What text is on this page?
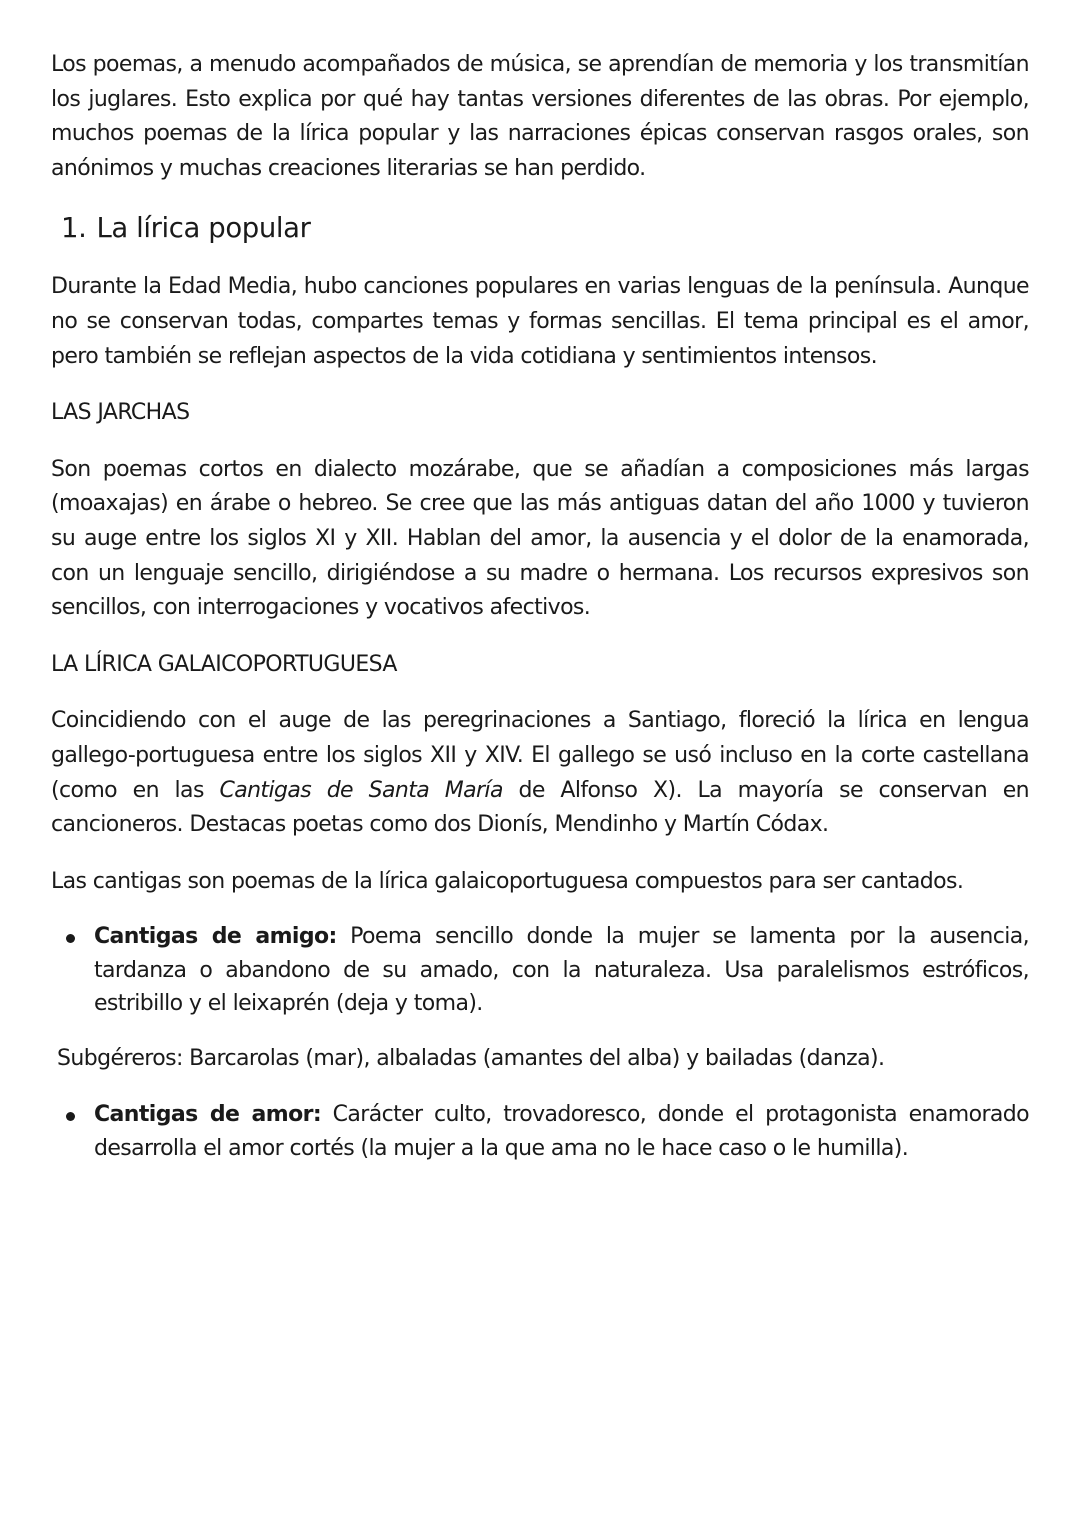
Los poemas, a menudo acompañados de música, se aprendían de memoria y los transmitían los juglares. Esto explica por qué hay tantas versiones diferentes de las obras. Por ejemplo, muchos poemas de la lírica popular y las narraciones épicas conservan rasgos orales, son anónimos y muchas creaciones literarias se han perdido.

1. La lírica popular

Durante la Edad Media, hubo canciones populares en varias lenguas de la península. Aunque no se conservan todas, compartes temas y formas sencillas. El tema principal es el amor, pero también se reflejan aspectos de la vida cotidiana y sentimientos intensos.

LAS JARCHAS

Son poemas cortos en dialecto mozárabe, que se añadían a composiciones más largas (moaxajas) en árabe o hebreo. Se cree que las más antiguas datan del año 1000 y tuvieron su auge entre los siglos XI y XII. Hablan del amor, la ausencia y el dolor de la enamorada, con un lenguaje sencillo, dirigiéndose a su madre o hermana. Los recursos expresivos son sencillos, con interrogaciones y vocativos afectivos.

LA LÍRICA GALAICOPORTUGUESA

Coincidiendo con el auge de las peregrinaciones a Santiago, floreció la lírica en lengua gallego-portuguesa entre los siglos XII y XIV. El gallego se usó incluso en la corte castellana (como en las Cantigas de Santa María de Alfonso X). La mayoría se conservan en cancioneros. Destacas poetas como dos Dionís, Mendinho y Martín Códax.

Las cantigas son poemas de la lírica galaicoportuguesa compuestos para ser cantados.

Cantigas de amigo: Poema sencillo donde la mujer se lamenta por la ausencia, tardanza o abandono de su amado, con la naturaleza. Usa paralelismos estróficos, estribillo y el leixaprén (deja y toma).

Subgéreros: Barcarolas (mar), albaladas (amantes del alba) y bailadas (danza).

Cantigas de amor: Carácter culto, trovadoresco, donde el protagonista enamorado desarrolla el amor cortés (la mujer a la que ama no le hace caso o le humilla).
